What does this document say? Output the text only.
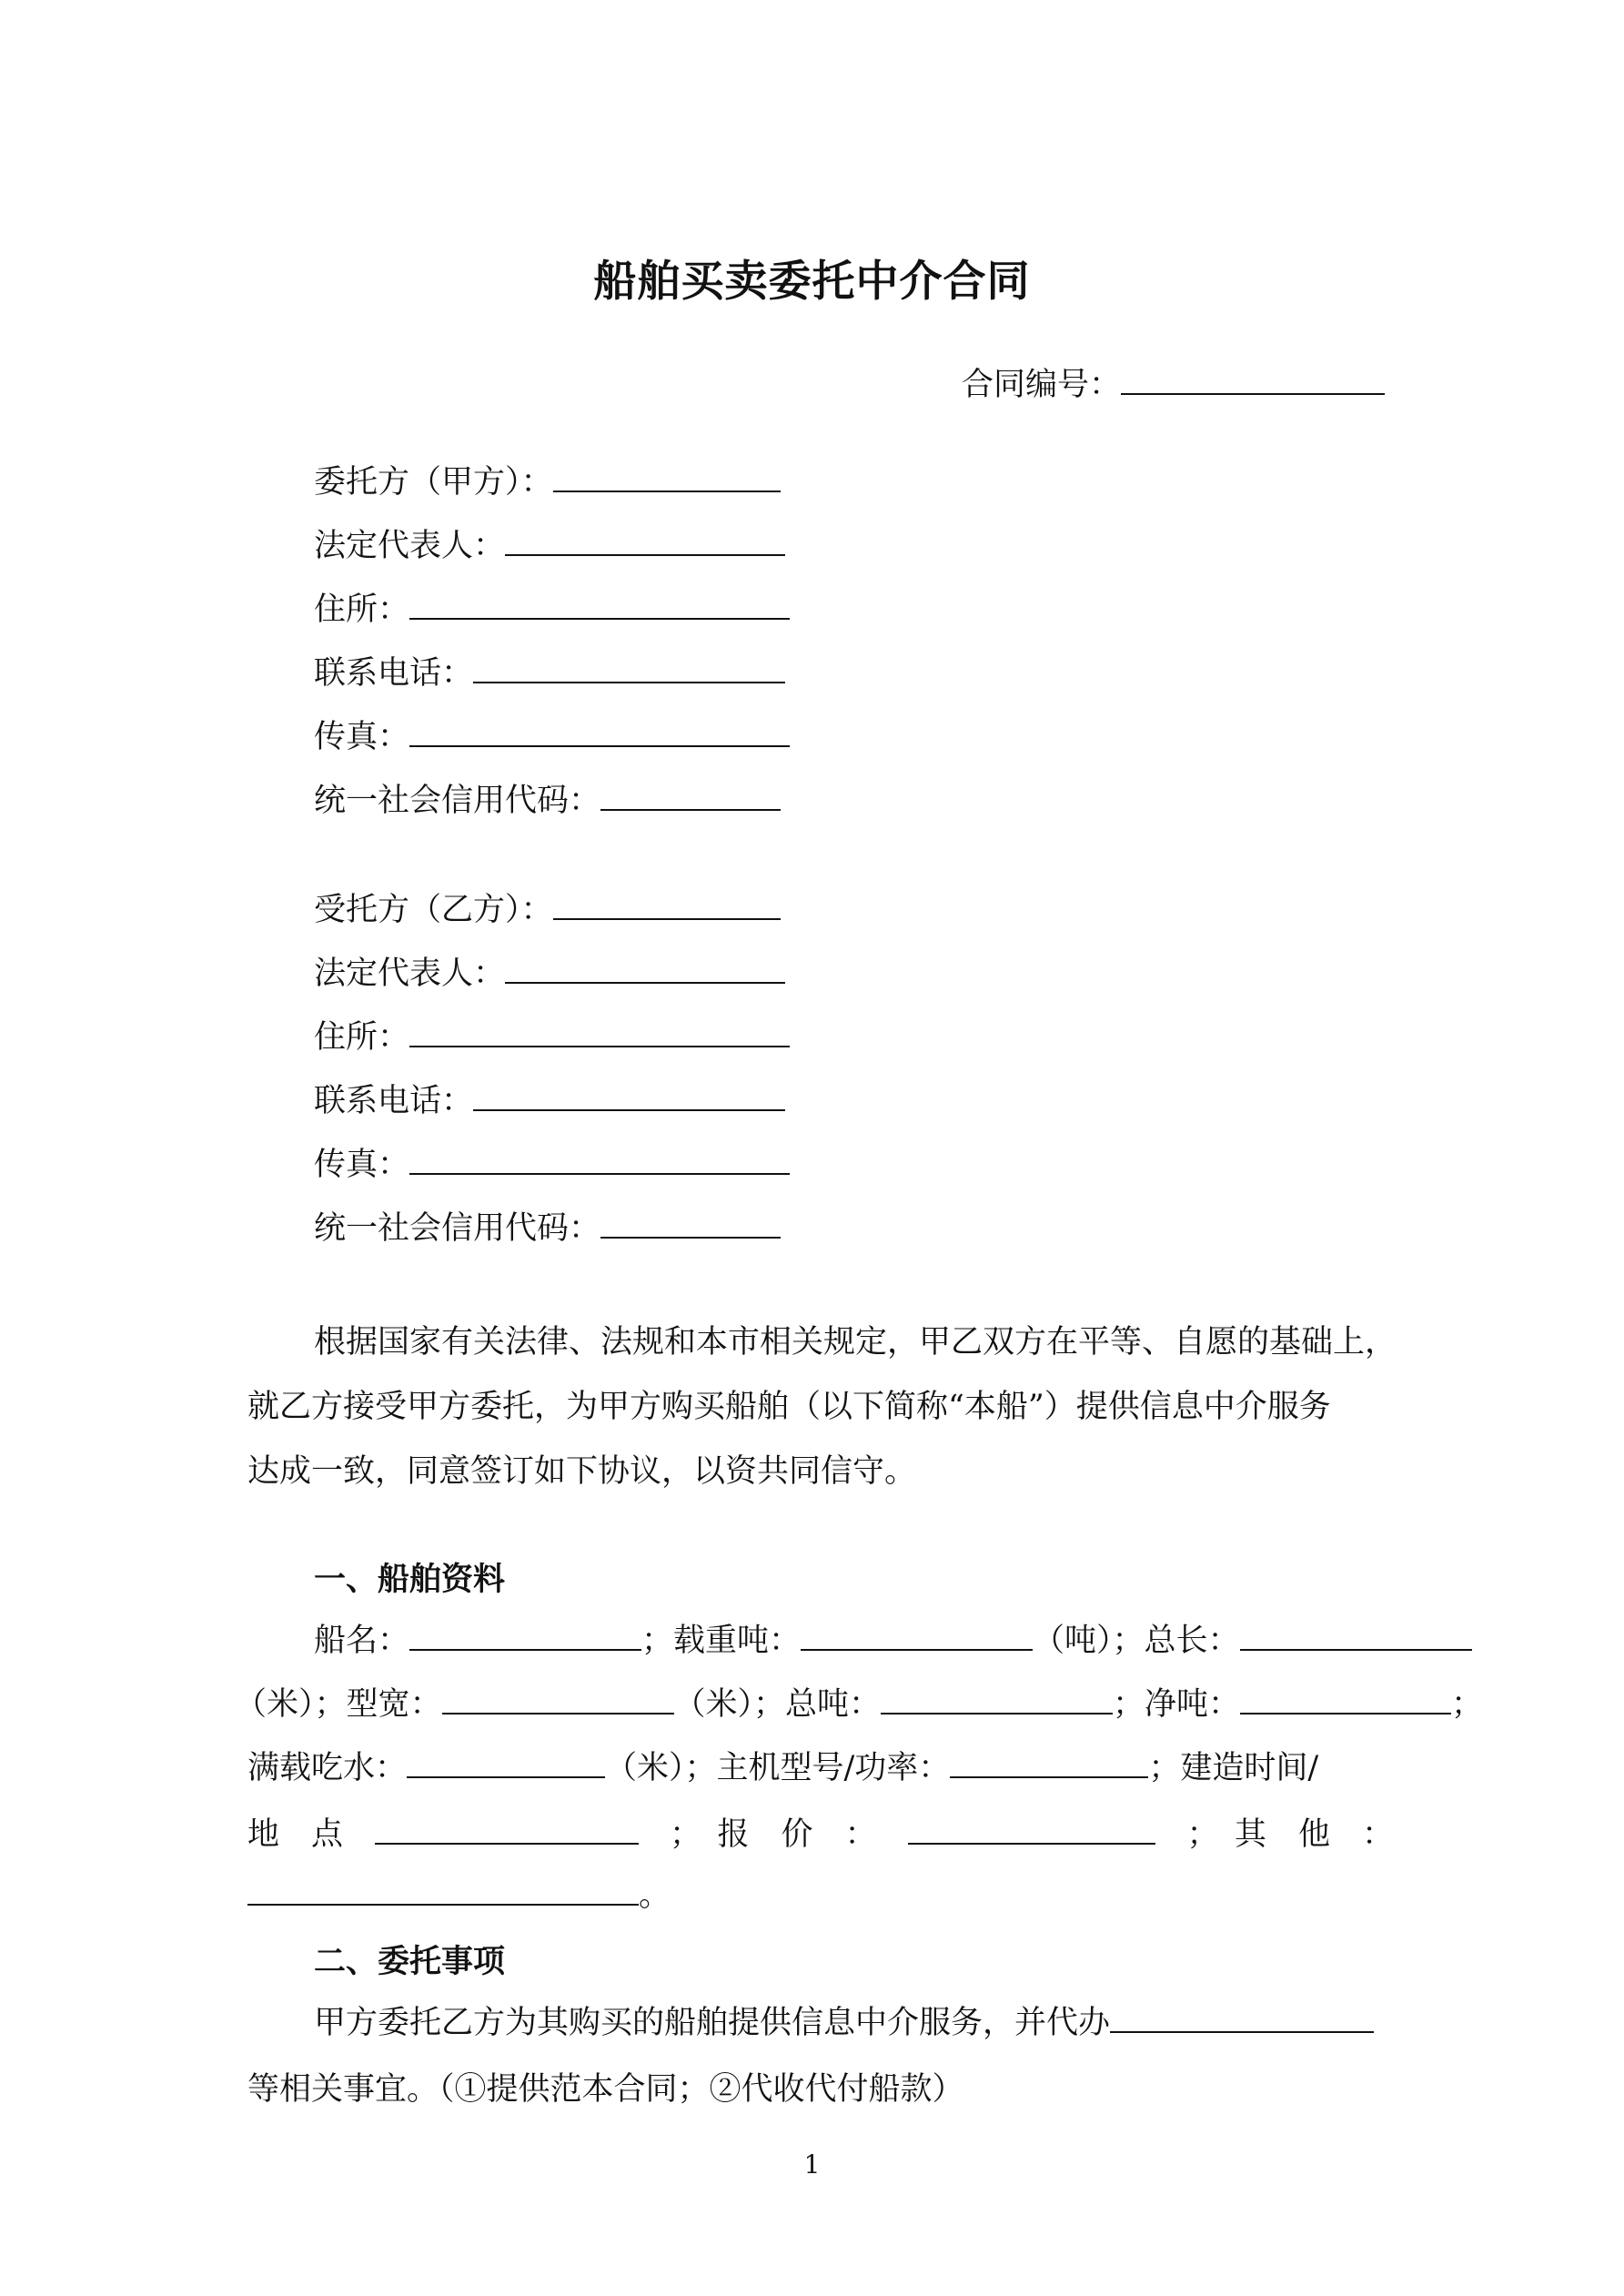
船舶买卖委托中介合同
合同编号：
委托方（甲方）：
法定代表人：
住所：
联系电话：
传真：
统一社会信用代码：
受托方（乙方）：
法定代表人：
住所：
联系电话：
传真：
统一社会信用代码：
根据国家有关法律、法规和本市相关规定，甲乙双方在平等、自愿的基础上，
就乙方接受甲方委托，为甲方购买船舶（以下简称“本船”）提供信息中介服务
达成一致，同意签订如下协议，以资共同信守。
一、船舶资料
船名：	；载重吨：	（吨）；总长：
（米）；型宽：	（米）；总吨：	；净吨：	；
满载吃水：	（米）；主机型号/功率：	；建造时间/
地　点	；　报　价　：	；　其　他　：
。
二、委托事项
甲方委托乙方为其购买的船舶提供信息中介服务，并代办
等相关事宜。（①提供范本合同；②代收代付船款）
1
